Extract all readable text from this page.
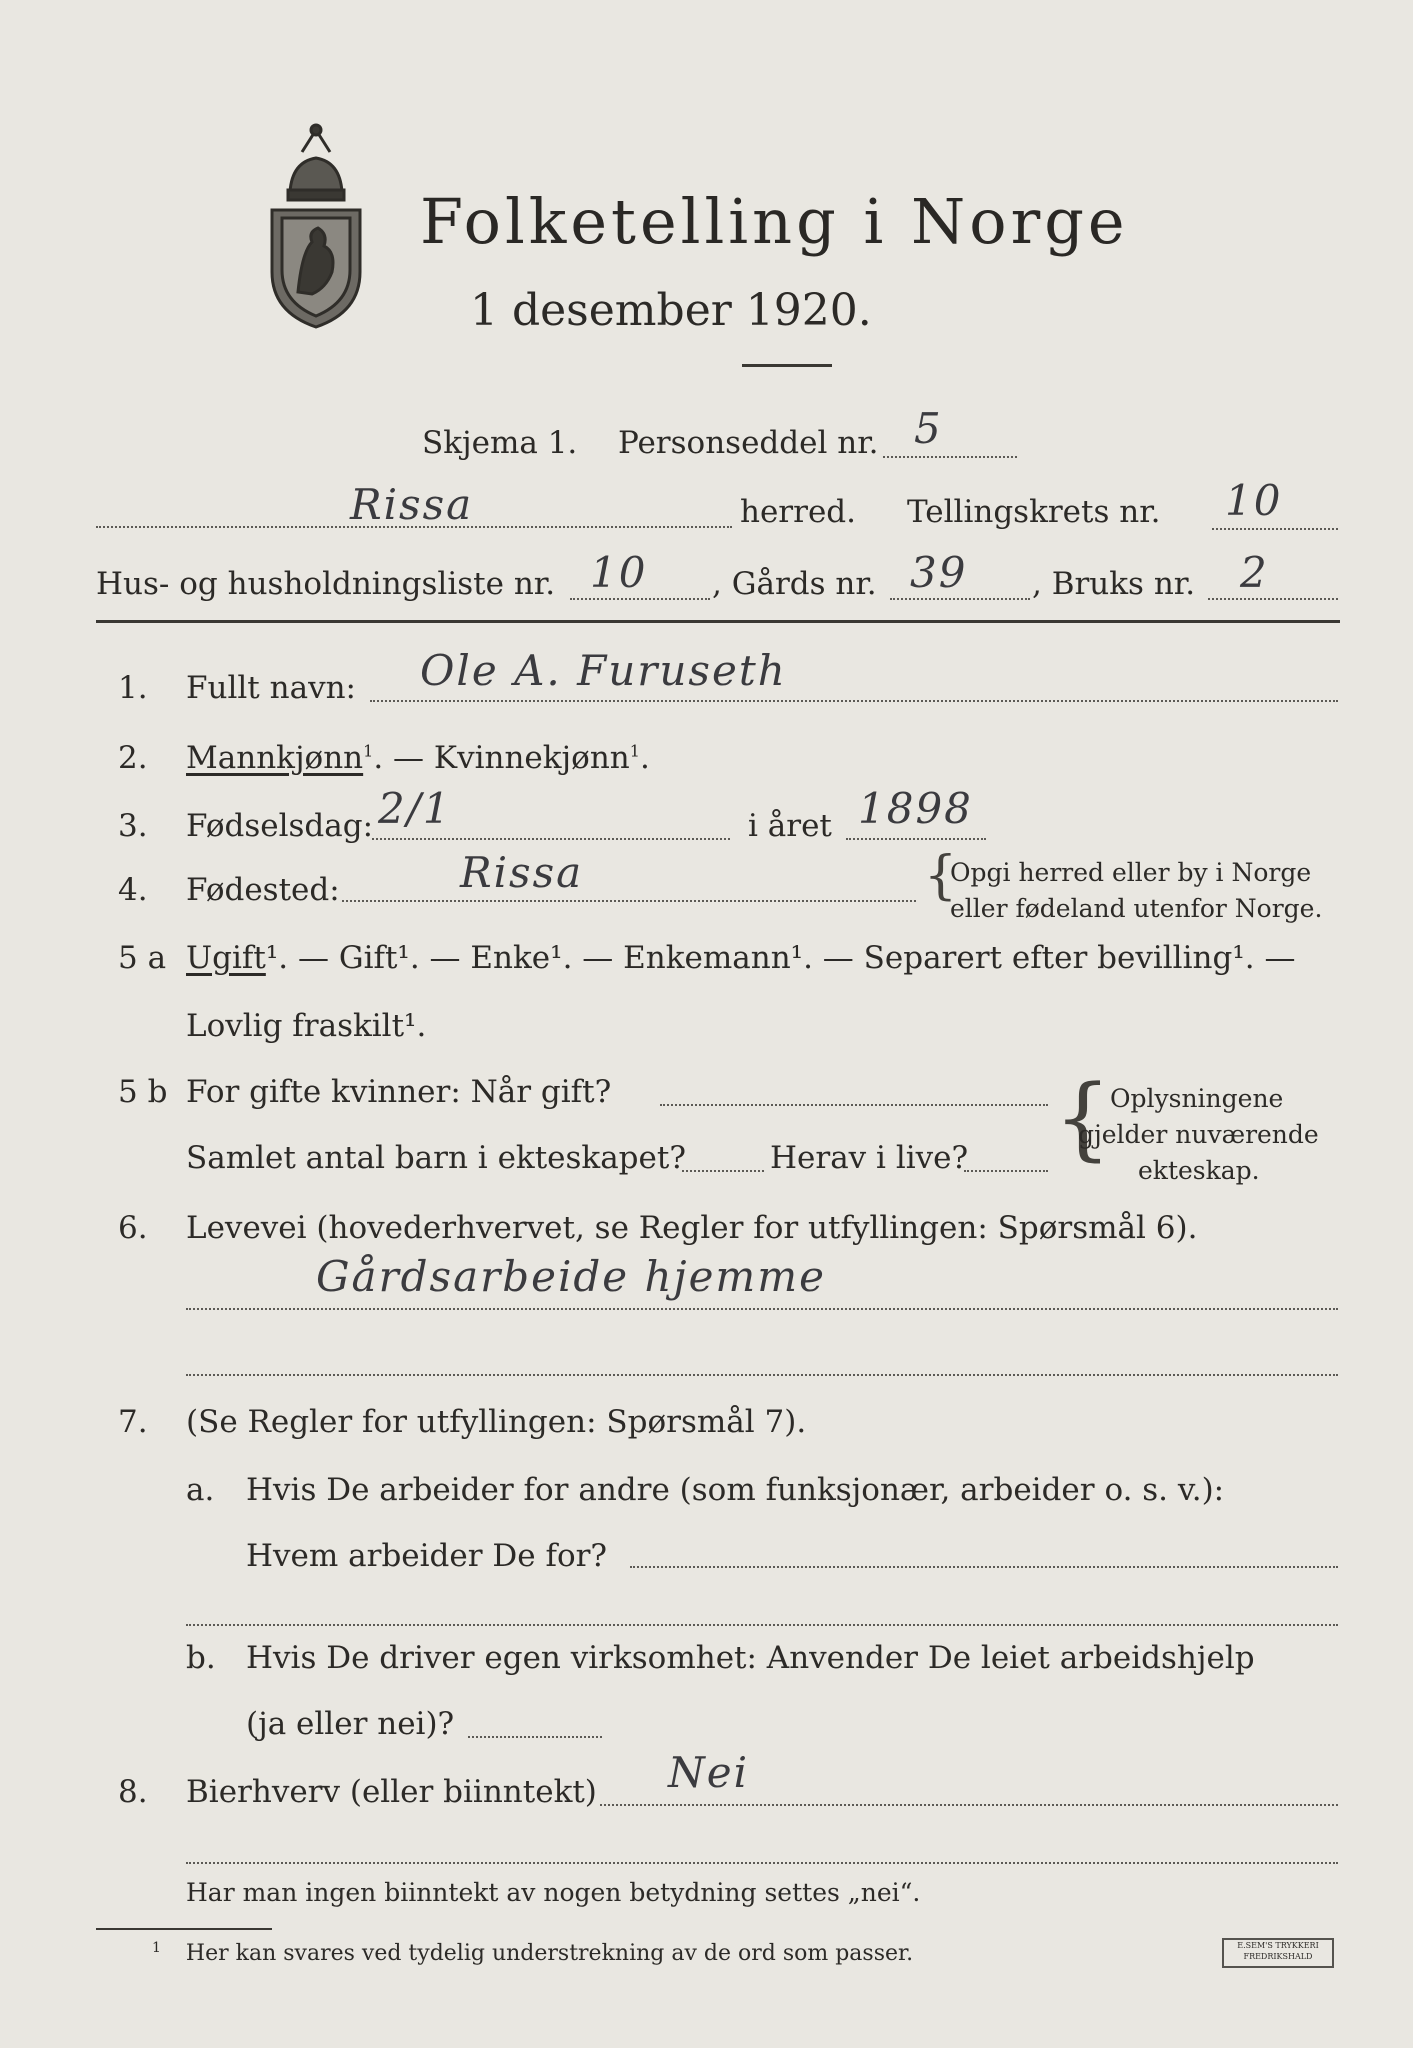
Folketelling i Norge
1 desember 1920.
Skjema 1. Personseddel nr. 5
Rissa	herred. Tellingskrets nr. 10
Hus- og husholdningsliste nr. 10 , Gårds nr. 39 , Bruks nr. 2
1. Fullt navn: Ole A. Furuseth
2. Mannkjønn$^1$. — Kvinnekjønn$^1$.
3. Fødselsdag: 2/1	i året 1898
4. Fødested:	Rissa	{
Opgi herred eller by i Norge
eller fødeland utenfor Norge.
5 a Ugift¹. — Gift¹. — Enke¹. — Enkemann¹. — Separert efter bevilling¹. —
Lovlig fraskilt¹.
5 b For gifte kvinner: Når gift?
Samlet antal barn i ekteskapet?	Herav i live? {
Oplysningene
gjelder nuværende
ekteskap.
6. Levevei (hovederhvervet, se Regler for utfyllingen: Spørsmål 6).
Gårdsarbeide hjemme
7. (Se Regler for utfyllingen: Spørsmål 7).
a. Hvis De arbeider for andre (som funksjonær, arbeider o. s. v.):
Hvem arbeider De for?
b. Hvis De driver egen virksomhet: Anvender De leiet arbeidshjelp
(ja eller nei)?
8. Bierhverv (eller biinntekt) Nei
Har man ingen biinntekt av nogen betydning settes „nei“.
$^1$ Her kan svares ved tydelig understrekning av de ord som passer.	E.SEM'S TRYKKERI
FREDRIKSHALD
